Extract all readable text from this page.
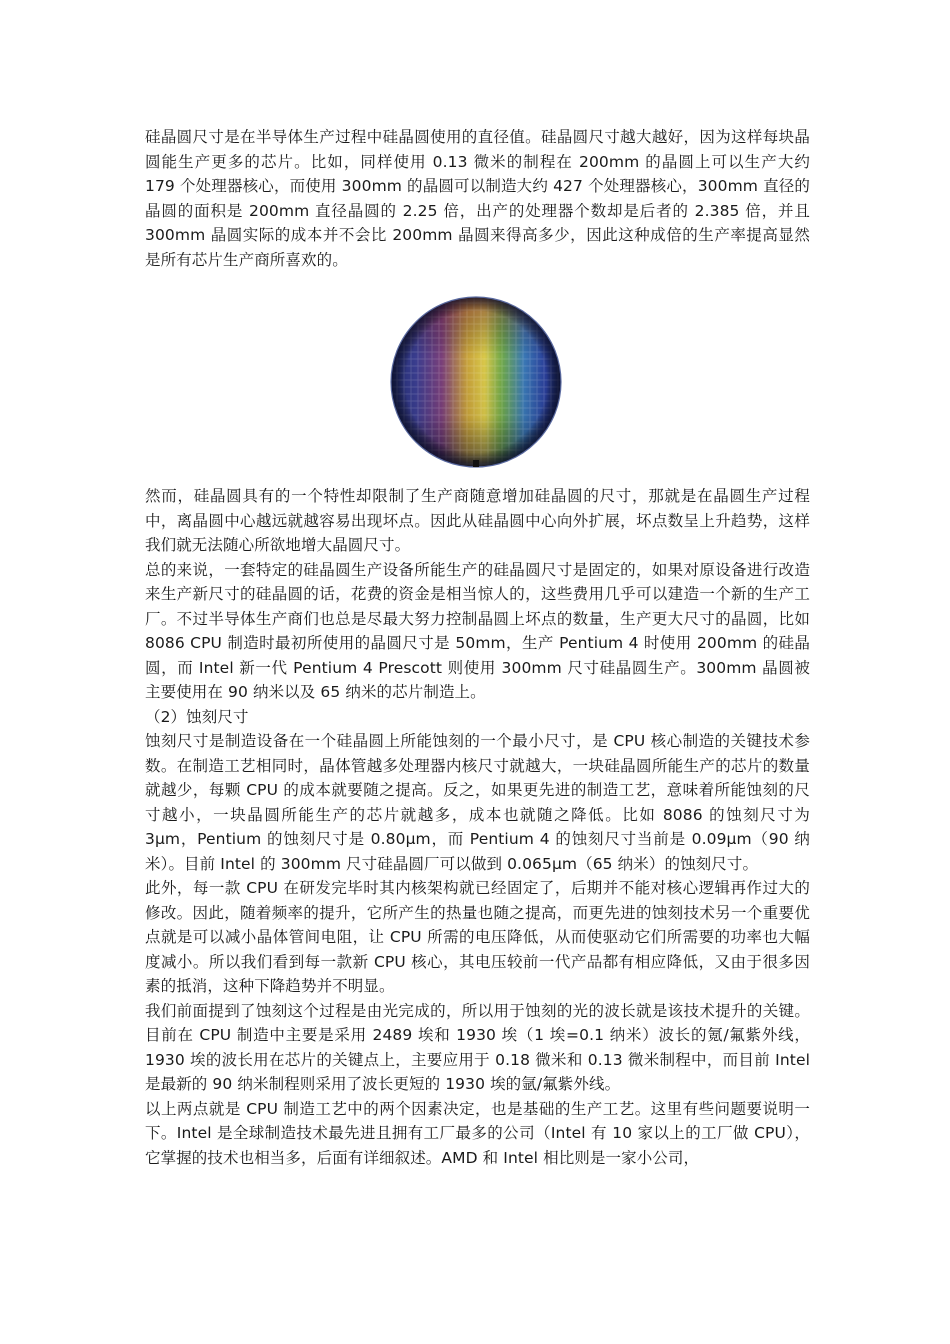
硅晶圆尺寸是在半导体生产过程中硅晶圆使用的直径值。硅晶圆尺寸越大越好，因为这样每块晶圆能生产更多的芯片。比如，同样使用 0.13 微米的制程在 200mm 的晶圆上可以生产大约 179 个处理器核心，而使用 300mm 的晶圆可以制造大约 427 个处理器核心，300mm 直径的晶圆的面积是 200mm 直径晶圆的 2.25 倍，出产的处理器个数却是后者的 2.385 倍，并且 300mm 晶圆实际的成本并不会比 200mm 晶圆来得高多少，因此这种成倍的生产率提高显然是所有芯片生产商所喜欢的。

然而，硅晶圆具有的一个特性却限制了生产商随意增加硅晶圆的尺寸，那就是在晶圆生产过程中，离晶圆中心越远就越容易出现坏点。因此从硅晶圆中心向外扩展，坏点数呈上升趋势，这样我们就无法随心所欲地增大晶圆尺寸。

总的来说，一套特定的硅晶圆生产设备所能生产的硅晶圆尺寸是固定的，如果对原设备进行改造来生产新尺寸的硅晶圆的话，花费的资金是相当惊人的，这些费用几乎可以建造一个新的生产工厂。不过半导体生产商们也总是尽最大努力控制晶圆上坏点的数量，生产更大尺寸的晶圆，比如 8086 CPU 制造时最初所使用的晶圆尺寸是 50mm，生产 Pentium 4 时使用 200mm 的硅晶圆，而 Intel 新一代 Pentium 4 Prescott 则使用 300mm 尺寸硅晶圆生产。300mm 晶圆被主要使用在 90 纳米以及 65 纳米的芯片制造上。

（2）蚀刻尺寸

蚀刻尺寸是制造设备在一个硅晶圆上所能蚀刻的一个最小尺寸，是 CPU 核心制造的关键技术参数。在制造工艺相同时，晶体管越多处理器内核尺寸就越大，一块硅晶圆所能生产的芯片的数量就越少，每颗 CPU 的成本就要随之提高。反之，如果更先进的制造工艺，意味着所能蚀刻的尺寸越小，一块晶圆所能生产的芯片就越多，成本也就随之降低。比如 8086 的蚀刻尺寸为 3μm，Pentium 的蚀刻尺寸是 0.80μm，而 Pentium 4 的蚀刻尺寸当前是 0.09μm（90 纳米）。目前 Intel 的 300mm 尺寸硅晶圆厂可以做到 0.065μm（65 纳米）的蚀刻尺寸。

此外，每一款 CPU 在研发完毕时其内核架构就已经固定了，后期并不能对核心逻辑再作过大的修改。因此，随着频率的提升，它所产生的热量也随之提高，而更先进的蚀刻技术另一个重要优点就是可以减小晶体管间电阻，让 CPU 所需的电压降低，从而使驱动它们所需要的功率也大幅度减小。所以我们看到每一款新 CPU 核心，其电压较前一代产品都有相应降低，又由于很多因素的抵消，这种下降趋势并不明显。

我们前面提到了蚀刻这个过程是由光完成的，所以用于蚀刻的光的波长就是该技术提升的关键。目前在 CPU 制造中主要是采用 2489 埃和 1930 埃（1 埃=0.1 纳米）波长的氪/氟紫外线，1930 埃的波长用在芯片的关键点上，主要应用于 0.18 微米和 0.13 微米制程中，而目前 Intel 是最新的 90 纳米制程则采用了波长更短的 1930 埃的氩/氟紫外线。

以上两点就是 CPU 制造工艺中的两个因素决定，也是基础的生产工艺。这里有些问题要说明一下。Intel 是全球制造技术最先进且拥有工厂最多的公司（Intel 有 10 家以上的工厂做 CPU），它掌握的技术也相当多，后面有详细叙述。AMD 和 Intel 相比则是一家小公司，
